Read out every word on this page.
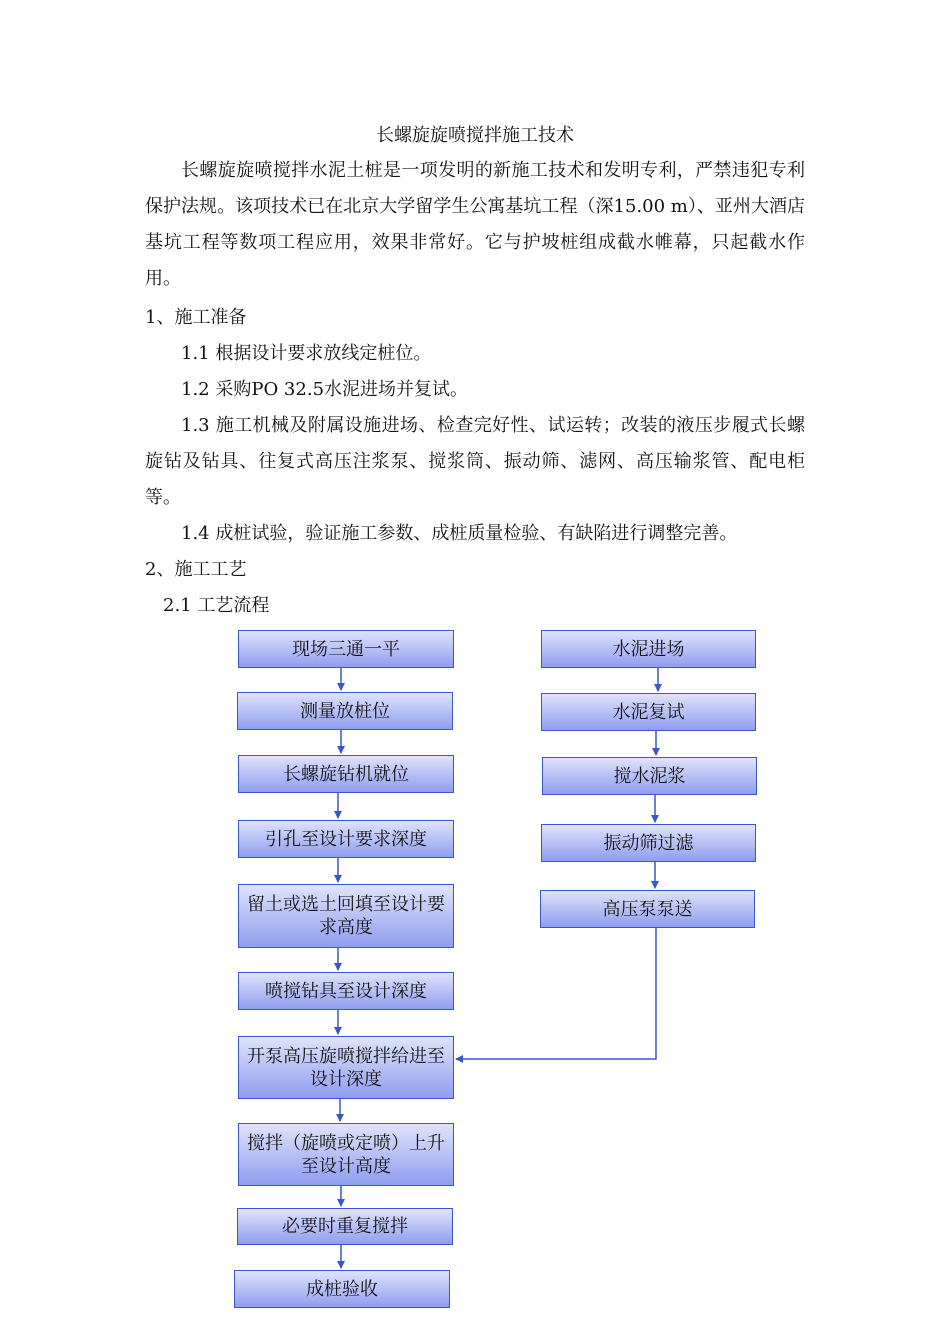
长螺旋旋喷搅拌施工技术
长螺旋旋喷搅拌水泥土桩是一项发明的新施工技术和发明专利，严禁违犯专利保护法规。该项技术已在北京大学留学生公寓基坑工程（深15.00 m）、亚州大酒店基坑工程等数项工程应用，效果非常好。它与护坡桩组成截水帷幕，只起截水作用。
1、施工准备
1.1 根据设计要求放线定桩位。
1.2 采购PO 32.5水泥进场并复试。
1.3 施工机械及附属设施进场、检查完好性、试运转；改装的液压步履式长螺旋钻及钻具、往复式高压注浆泵、搅浆筒、振动筛、滤网、高压输浆管、配电柜等。
1.4 成桩试验，验证施工参数、成桩质量检验、有缺陷进行调整完善。
2、施工工艺
2.1 工艺流程
现场三通一平
测量放桩位
长螺旋钻机就位
引孔至设计要求深度
留土或选土回填至设计要求高度
喷搅钻具至设计深度
开泵高压旋喷搅拌给进至设计深度
搅拌（旋喷或定喷）上升至设计高度
必要时重复搅拌
成桩验收
水泥进场
水泥复试
搅水泥浆
振动筛过滤
高压泵泵送
